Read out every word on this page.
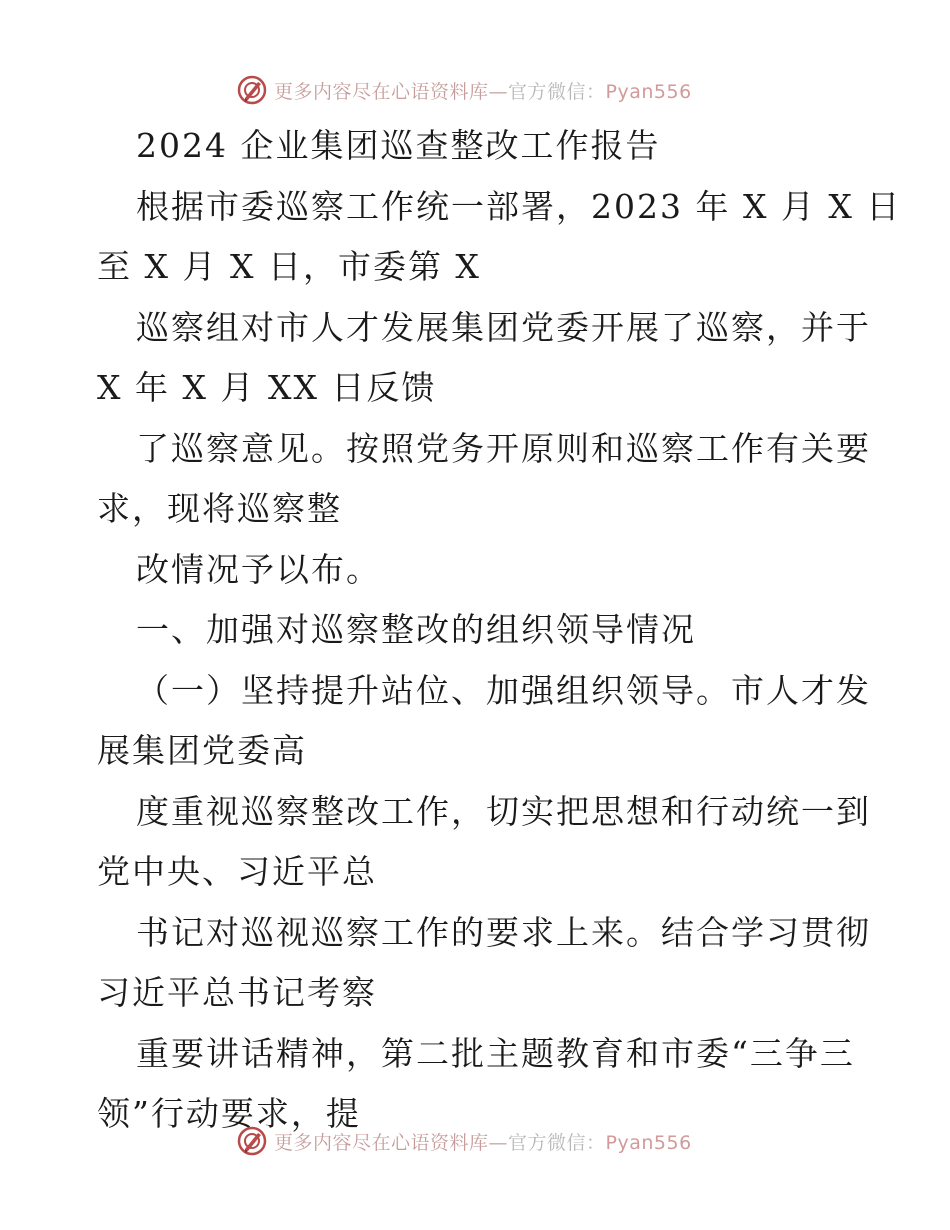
更多内容尽在心语资料库—官方微信：Pyan556
2024 企业集团巡查整改工作报告
根据市委巡察工作统一部署，2023 年 X 月 X 日
至 X 月 X 日，市委第 X
巡察组对市人才发展集团党委开展了巡察，并于
X 年 X 月 XX 日反馈
了巡察意见。按照党务开原则和巡察工作有关要
求，现将巡察整
改情况予以布。
一、加强对巡察整改的组织领导情况
（一）坚持提升站位、加强组织领导。市人才发
展集团党委高
度重视巡察整改工作，切实把思想和行动统一到
党中央、习近平总
书记对巡视巡察工作的要求上来。结合学习贯彻
习近平总书记考察
重要讲话精神，第二批主题教育和市委“三争三
领”行动要求，提
更多内容尽在心语资料库—官方微信：Pyan556
